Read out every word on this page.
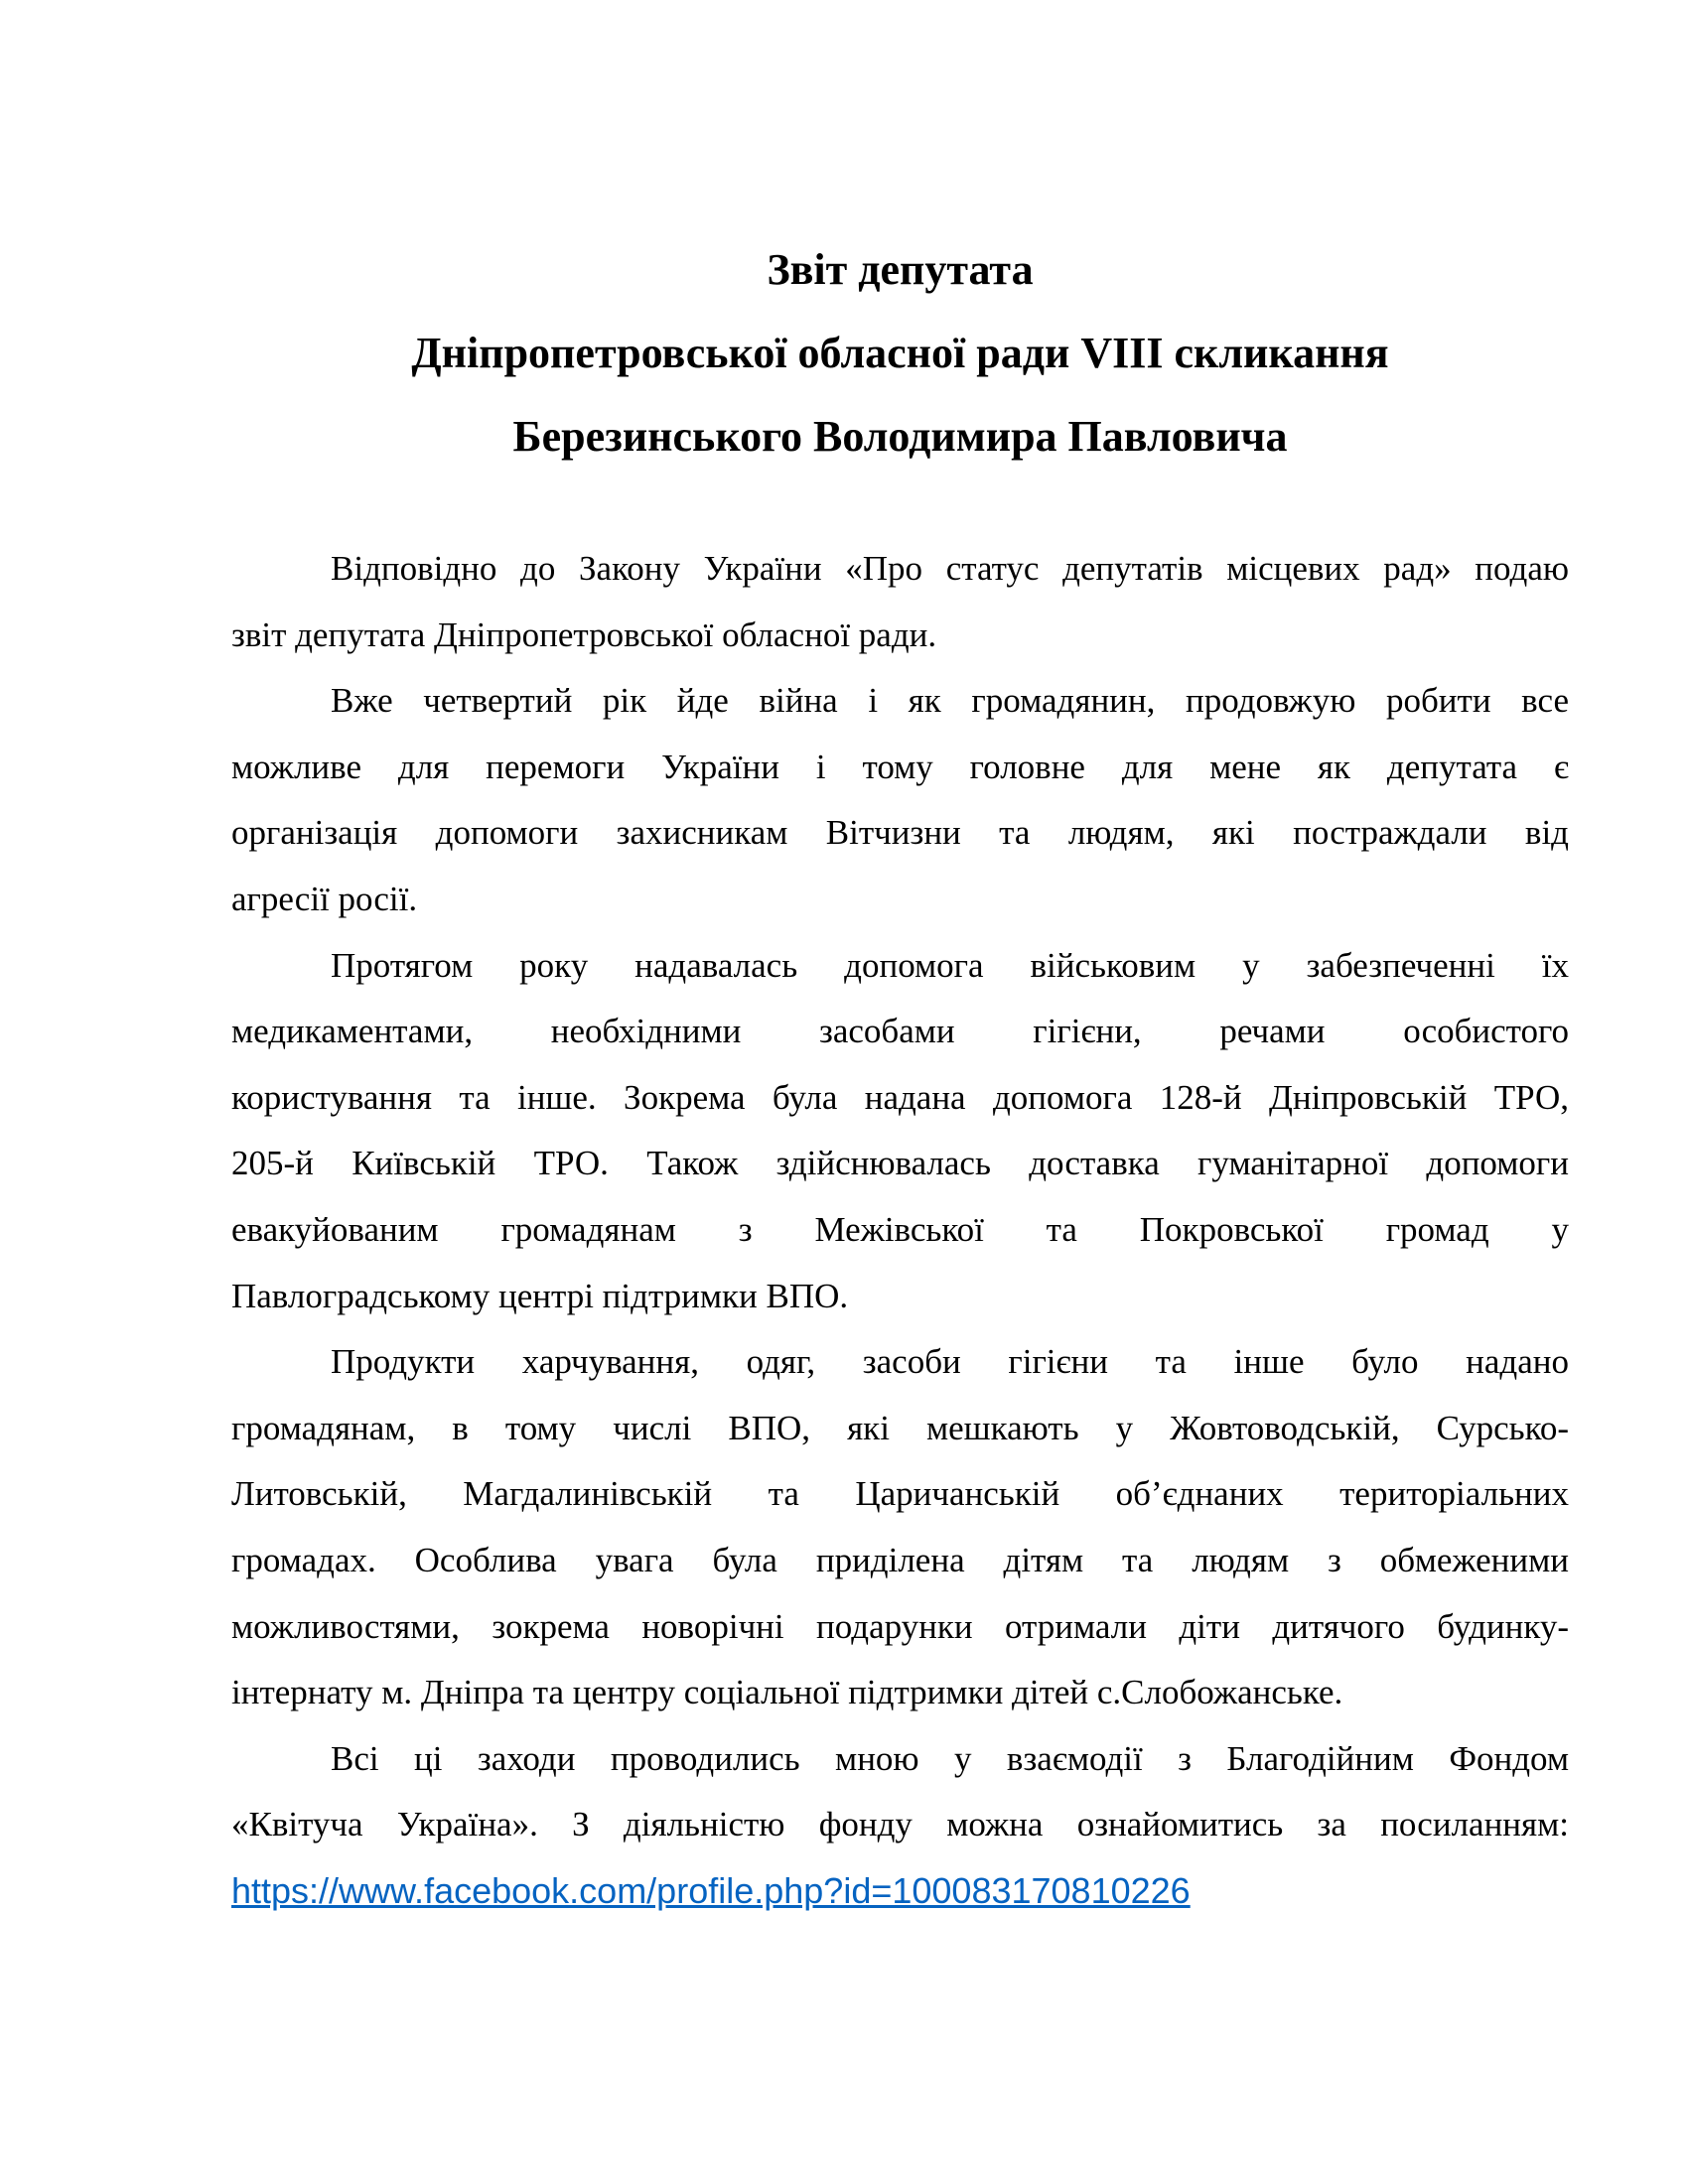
Звіт депутата
Дніпропетровської обласної ради VIII скликання
Березинського Володимира Павловича
Відповідно до Закону України «Про статус депутатів місцевих рад» подаю
звіт депутата Дніпропетровської обласної ради.
Вже четвертий рік йде війна і як громадянин, продовжую робити все
можливе для перемоги України і тому головне для мене як депутата є
організація допомоги захисникам Вітчизни та людям, які постраждали від
агресії росії.
Протягом року надавалась допомога військовим у забезпеченні їх
медикаментами, необхідними засобами гігієни, речами особистого
користування та інше. Зокрема була надана допомога 128-й Дніпровській ТРО,
205-й Київській ТРО. Також здійснювалась доставка гуманітарної допомоги
евакуйованим громадянам з Межівської та Покровської громад у
Павлоградському центрі підтримки ВПО.
Продукти харчування, одяг, засоби гігієни та інше було надано
громадянам, в тому числі ВПО, які мешкають у Жовтоводській, Сурсько-
Литовській, Магдалинівській та Царичанській об’єднаних територіальних
громадах. Особлива увага була приділена дітям та людям з обмеженими
можливостями, зокрема новорічні подарунки отримали діти дитячого будинку-
інтернату м. Дніпра та центру соціальної підтримки дітей с.Слобожанське.
Всі ці заходи проводились мною у взаємодії з Благодійним Фондом
«Квітуча Україна». З діяльністю фонду можна ознайомитись за посиланням:
https://www.facebook.com/profile.php?id=100083170810226
